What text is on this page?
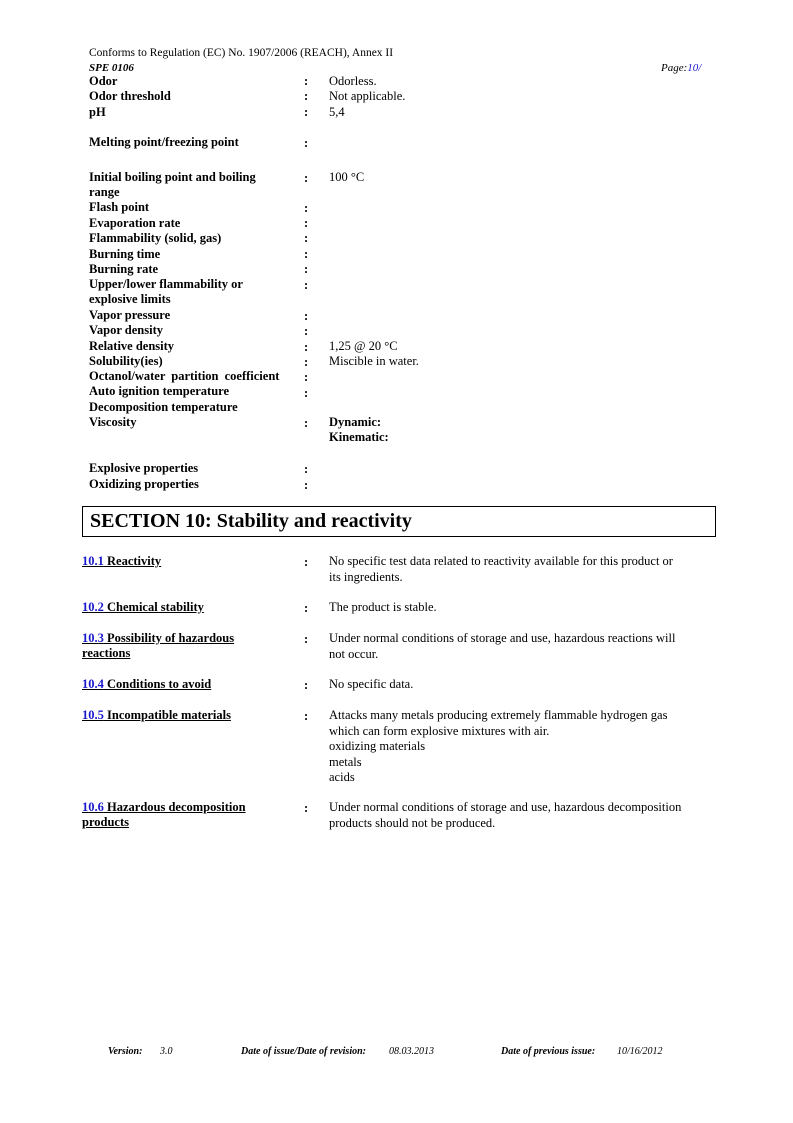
Conforms to Regulation (EC) No. 1907/2006 (REACH), Annex II
SPE 0106	Page:10/
Odor	: Odorless.
Odor threshold	: Not applicable.
pH	: 5,4
Melting point/freezing point	:
Initial boiling point and boiling
range
: 100 °C
Flash point	:
Evaporation rate	:
Flammability (solid, gas)	:
Burning time	:
Burning rate	:
Upper/lower flammability or
explosive limits
:
Vapor pressure	:
Vapor density	:
Relative density	: 1,25 @ 20 °C
Solubility(ies)	: Miscible in water.
Octanol/water partition coefficient :
Auto ignition temperature	:
Decomposition temperature
Viscosity	: Dynamic:
Kinematic:
Explosive properties	:
Oxidizing properties	:
SECTION 10: Stability and reactivity
10.1 Reactivity	: No specific test data related to reactivity available for this product or
its ingredients.
10.2 Chemical stability	: The product is stable.
10.3 Possibility of hazardous
reactions
: Under normal conditions of storage and use, hazardous reactions will
not occur.
10.4 Conditions to avoid	: No specific data.
10.5 Incompatible materials	: Attacks many metals producing extremely flammable hydrogen gas
which can form explosive mixtures with air.
oxidizing materials
metals
acids
10.6 Hazardous decomposition
products
: Under normal conditions of storage and use, hazardous decomposition
products should not be produced.
Version: 3.0	Date of issue/Date of revision: 08.03.2013	Date of previous issue: 10/16/2012
